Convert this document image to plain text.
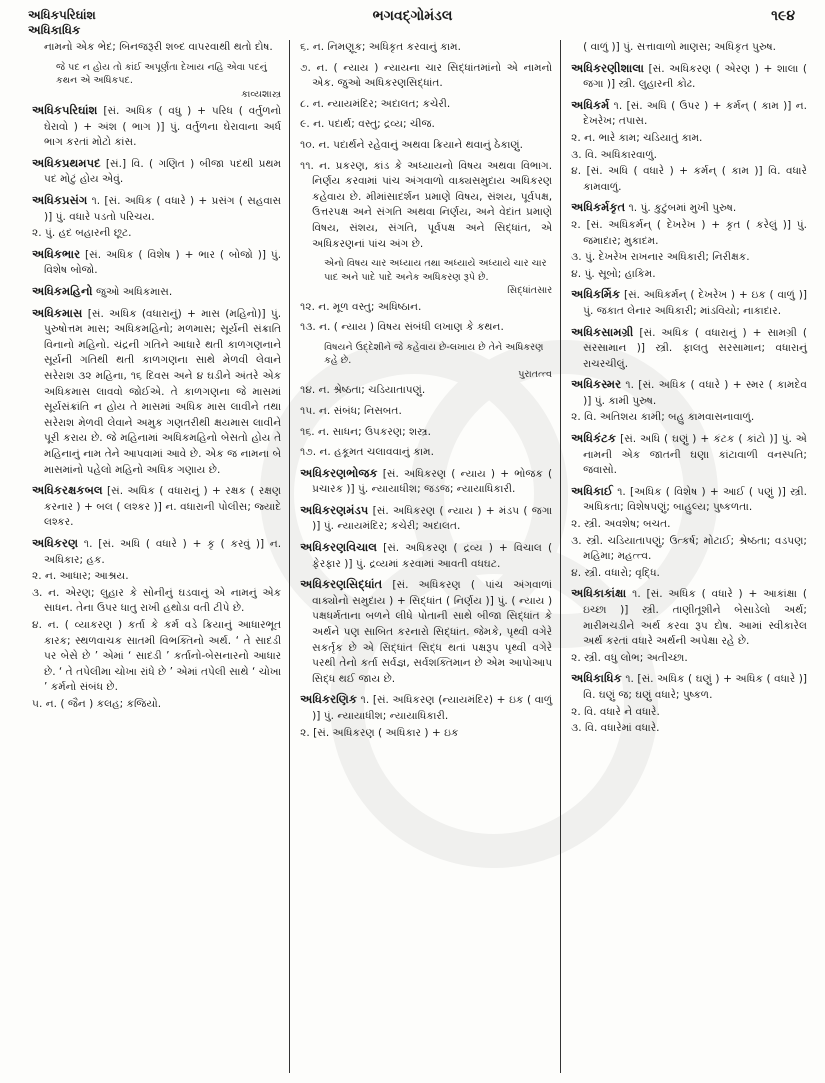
અધિકપરિઘાંશ
અધિકાધિક
ભગવદ્ગોમંડલ	૧૯૪
નામનો એક ભેદ; બિનજરૂરી શબ્દ વાપરવાથી થતો દોષ.
જે પદ ન હોય તો કાંઈ અપૂર્ણતા દેખાય નહિ એવા પદનું કથન એ અધિકપદ.
કાવ્યશાસ્ત્ર
અધિકપરિઘાંશ [સં. અધિક ( વધુ ) + પરિધ ( વર્તુળનો ઘેરાવો ) + અંશ ( ભાગ )] પું. વર્તુળના ઘેરાવાના અર્ધ ભાગ કરતાં મોટો કાંસ.
અધિકપ્રથમપદ [સં.] વિ. ( ગણિત ) બીજા પદથી પ્રથમ પદ મોટું હોય એવું.
અધિકપ્રસંગ ૧. [સં. અધિક ( વધારે ) + પ્રસંગ ( સહવાસ )] પું. વધારે પડતો પરિચય.
૨. પું. હદ બહારની છૂટ.
અધિકભાર [સં. અધિક ( વિશેષ ) + ભાર ( બોજો )] પું. વિશેષ બોજો.
અધિકમહિનો જુઓ અધિકમાસ.
અધિકમાસ [સં. અધિક (વધારાનું) + માસ (મહિનો)] પું. પુરુષોત્તમ માસ; અધિકમહિનો; મળમાસ; સૂર્યની સંક્રાતિ વિનાનો મહિનો. ચંદ્રની ગતિને આધારે થતી કાળગણનાને સૂર્યની ગતિથી થતી કાળગણના સાથે મેળવી લેવાને સરેરાશ ૩૨ મહિના, ૧૬ દિવસ અને ૪ ઘડીને અંતરે એક અધિકમાસ લાવવો જોઈએ. તે કાળગણના જે માસમાં સૂર્યસંક્રાંતિ ન હોય તે માસમાં અધિક માસ લાવીને તથા સરેરાશ મેળવી લેવાને અમુક ગણતરીથી ક્ષયમાસ લાવીને પૂરી કરાય છે. જે મહિનામાં અધિકમહિનો બેસતો હોય તે મહિનાનું નામ તેને આપવામાં આવે છે. એક જ નામના બે માસમાંનો પહેલો મહિનો અધિક ગણાય છે.
અધિકરક્ષકબલ [સં. અધિક ( વધારાનું ) + રક્ષક ( રક્ષણ કરનાર ) + બલ ( લશ્કર )] ન. વધારાની પોલીસ; જ્યાદે લશ્કર.
અધિકરણ ૧. [સં. અધિ ( વધારે ) + કૃ ( કરવું )] ન. અધિકાર; હક.
૨. ન. આધાર; આશ્રય.
૩. ન. એરણ; લુહાર કે સોનીનું ઘડવાનું એ નામનું એક સાધન. તેના ઉપર ધાતુ રાખી હથોડા વતી ટીપે છે.
૪. ન. ( વ્યાકરણ ) કર્તા કે કર્મ વડે ક્રિયાનું આધારભૂત કારક; સ્થળવાચક સાતમી વિભક્તિનો અર્થ. ‘ તે સાદડી પર બેસે છે ’ એમાં ‘ સાદડી ’ કર્તાનો-બેસનારનો આધાર છે. ‘ તે તપેલીમા ચોખા રાંધે છે ’ એમાં તપેલી સાથે ‘ ચોખા ’ કર્મનો સંબંધ છે.
૫. ન. ( જૈન ) કલહ; કજિયો.
૬. ન. નિમણૂક; અધિકૃત કરવાનું કામ.
૭. ન. ( ન્યાય ) ન્યાયના ચાર સિદ્ધાંતમાંનો એ નામનો એક. જુઓ અધિકરણસિદ્ધાંત.
૮. ન. ન્યાયમંદિર; અદાલત; કચેરી.
૯. ન. પદાર્થ; વસ્તુ; દ્રવ્ય; ચીજ.
૧૦. ન. પદાર્થને રહેવાનું અથવા ક્રિયાને થવાનું ઠેકાણું.
૧૧. ન. પ્રકરણ, કાંડ કે અધ્યાયનો વિષય અથવા વિભાગ. નિર્ણય કરવામાં પાંચ અંગવાળો વાક્યસમુદાય અધિકરણ કહેવાય છે. મીમાંસાદર્શન પ્રમાણે વિષય, સંશય, પૂર્વપક્ષ, ઉત્તરપક્ષ અને સંગતિ અથવા નિર્ણય, અને વેદાંત પ્રમાણે વિષય, સંશય, સંગતિ, પૂર્વપક્ષ અને સિદ્ધાંત, એ અધિકરણનાં પાંચ અંગ છે.
એનો વિષય ચાર અધ્યાય તથા અધ્યાયે અધ્યાયે ચાર ચાર પાદ અને પાદે પાદે અનેક અધિકરણ રૂપે છે.
સિદ્ધાંતસાર
૧૨. ન. મૂળ વસ્તુ; અધિષ્ઠાન.
૧૩. ન. ( ન્યાય ) વિષય સંબંધી લખાણ કે કથન.
વિષયને ઉદ્દેશીને જે કહેવાય છે-લખાય છે તેને અધિકરણ કહે છે.
પુરાતત્ત્વ
૧૪. ન. શ્રેષ્ઠતા; ચડિયાતાપણું.
૧૫. ન. સંબંધ; નિસબત.
૧૬. ન. સાધન; ઉપકરણ; શસ્ત્ર.
૧૭. ન. હકૂમત ચલાવવાનું કામ.
અધિકરણભોજક [સં. અધિકરણ ( ન્યાય ) + ભોજક ( પ્રચારક )] પું. ન્યાયાધીશ; જડજ; ન્યાયાધિકારી.
અધિકરણમંડપ [સં. અધિકરણ ( ન્યાય ) + મંડપ ( જગા )] પું. ન્યાયમંદિર; કચેરી; અદાલત.
અધિકરણવિચાલ [સં. અધિકરણ ( દ્રવ્ય ) + વિચાલ ( ફેરફાર )] પું. દ્રવ્યમાં કરવામાં આવતી વધઘટ.
અધિકરણસિદ્ધાંત [સં. અધિકરણ ( પાંચ અંગવાળાં વાક્યોનો સમુદાય ) + સિદ્ધાંત ( નિર્ણય )] પું. ( ન્યાય ) પક્ષધર્મતાના બળને લીધે પોતાની સાથે બીજા સિદ્ધાંત કે અર્થને પણ સાબિત કરનારો સિદ્ધાંત. જેમકે, પૃથ્વી વગેરે સકર્તૃક છે એ સિદ્ધાંત સિદ્ધ થતાં પક્ષરૂપ પૃથ્વી વગેરે પરથી તેનો કર્તા સર્વજ્ઞ, સર્વશક્તિમાન છે એમ આપોઆપ સિદ્ધ થઈ જાય છે.
અધિકરણિક ૧. [સં. અધિકરણ (ન્યાયમંદિર) + ઇક ( વાળું )] પું. ન્યાયાધીશ; ન્યાયાધિકારી.
૨. [સં. અધિકરણ ( અધિકાર ) + ઇક
( વાળું )] પું. સત્તાવાળો માણસ; અધિકૃત પુરુષ.
અધિકરણીશાલા [સં. અધિકરણ ( એરણ ) + શાલા ( જગા )] સ્ત્રી. લુહારની કોઢ.
અધિકર્મ ૧. [સં. અધિ ( ઉપર ) + કર્મન્ ( કામ )] ન. દેખરેખ; તપાસ.
૨. ન. ભારે કામ; ચડિયાતું કામ.
૩. વિ. અધિકારવાળું.
૪. [સં. અધિ ( વધારે ) + કર્મન્ ( કામ )] વિ. વધારે કામવાળું.
અધિકર્મકૃત ૧. પું. કુટુંબમાં મુખી પુરુષ.
૨. [સં. અધિકર્મન્ ( દેખરેખ ) + કૃત ( કરેલું )] પું. જમાદાર; મુકાદમ.
૩. પું. દેખરેખ રાખનાર અધિકારી; નિરીક્ષક.
૪. પું. સૂબો; હાકિમ.
અધિકર્મિક [સં. અધિકર્મન્ ( દેખરેખ ) + ઇક ( વાળું )] પું. જકાત લેનાર અધિકારી; માંડવિયો; નાકાદાર.
અધિકસામગ્રી [સં. અધિક ( વધારાનું ) + સામગ્રી ( સરસામાન )] સ્ત્રી. ફાલતુ સરસામાન; વધારાનું રાચરચીલું.
અધિકસ્મર ૧. [સં. અધિક ( વધારે ) + સ્મર ( કામદેવ )] પું. કામી પુરુષ.
૨. વિ. અતિશય કામી; બહુ કામવાસનાવાળું.
અધિકંટક [સં. અધિ ( ઘણું ) + કંટક ( કાંટો )] પું. એ નામની એક જાતની ઘણા કાંટાવાળી વનસ્પતિ; જવાસો.
અધિકાઈ ૧. [અધિક ( વિશેષ ) + આઈ ( પણું )] સ્ત્રી. અધિકતા; વિશેષપણું; બાહુલ્ય; પુષ્કળતા.
૨. સ્ત્રી. અવશેષ; બચત.
૩. સ્ત્રી. ચડિયાતાપણું; ઉત્કર્ષ; મોટાઈ; શ્રેષ્ઠતા; વડપણ; મહિમા; મહત્ત્વ.
૪. સ્ત્રી. વધારો; વૃદ્ધિ.
અધિકાકાંક્ષા ૧. [સં. અધિક ( વધારે ) + આકાંક્ષા ( ઇચ્છા )] સ્ત્રી. તાણીતૂશીને બેસાડેલો અર્થ; મારીમચડીને અર્થ કરવા રૂપ દોષ. આમાં સ્વીકારેલ અર્થ કરતાં વધારે અર્થની અપેક્ષા રહે છે.
૨. સ્ત્રી. વધુ લોભ; અતીચ્છા.
અધિકાધિક ૧. [સં. અધિક ( ઘણું ) + અધિક ( વધારે )] વિ. ઘણું જ; ઘણું વધારે; પુષ્કળ.
૨. વિ. વધારે ને વધારે.
૩. વિ. વધારેમાં વધારે.
